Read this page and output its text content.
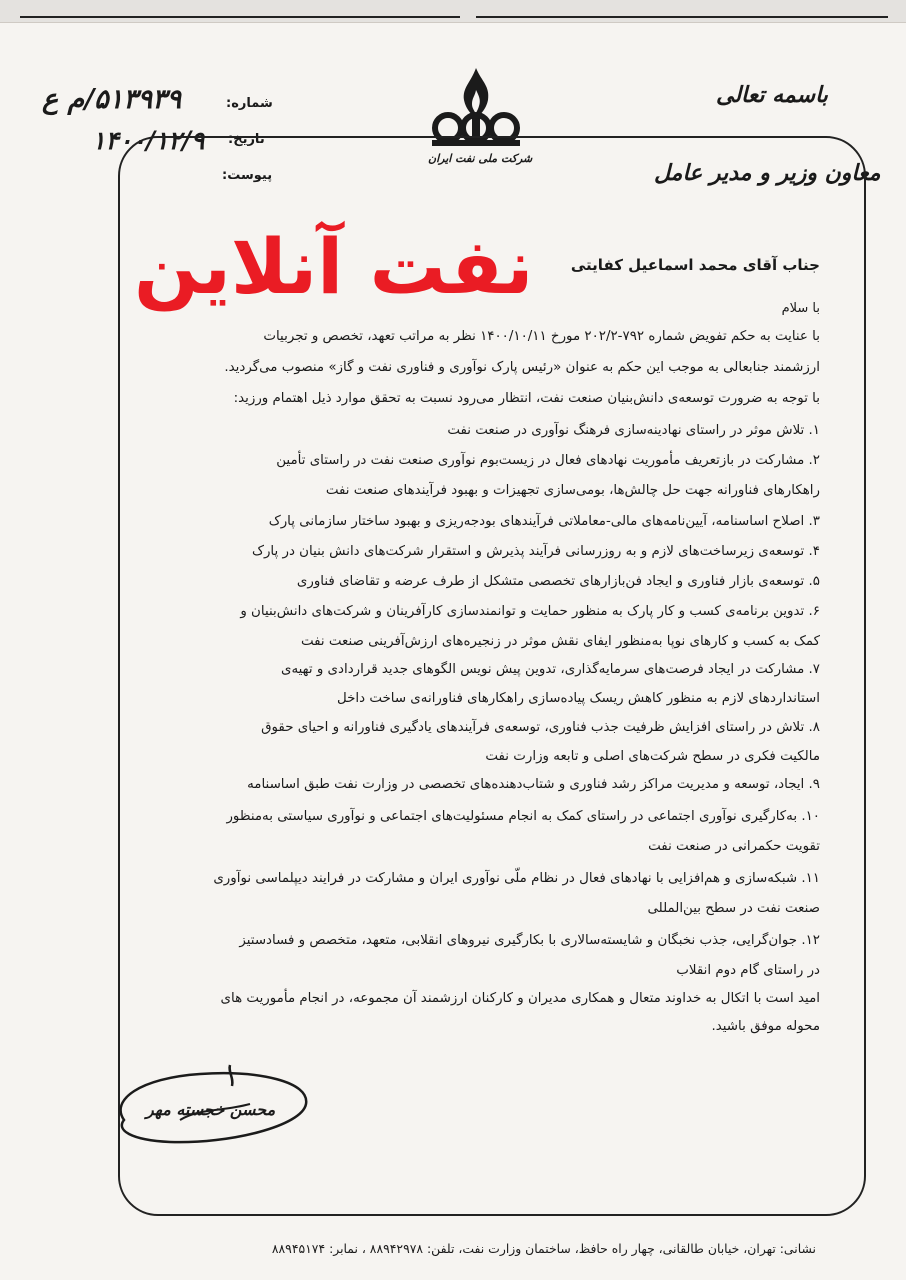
۵۱۳۹۳۹/م ع	شماره:
۱۴۰۰/۱۲/۹ تاریخ:
پیوست:
شرکت ملی نفت ایران
باسمه تعالی
معاون وزیر و مدیر عامل
نفت آنلاین	جناب آقای محمد اسماعیل کفایتی
با سلام
با عنایت به حکم تفویض شماره ۷۹۲-۲۰۲/۲ مورخ ۱۴۰۰/۱۰/۱۱ نظر به مراتب تعهد، تخصص و تجربیات
ارزشمند جنابعالی به موجب این حکم به عنوان «رئیس پارک نوآوری و فناوری نفت و گاز» منصوب می‌گردید.
با توجه به ضرورت توسعه‌ی دانش‌بنیان صنعت نفت، انتظار می‌رود نسبت به تحقق موارد ذیل اهتمام ورزید:
۱. تلاش موثر در راستای نهادینه‌سازی فرهنگ نوآوری در صنعت نفت
۲. مشارکت در بازتعریف مأموریت نهادهای فعال در زیست‌بوم نوآوری صنعت نفت در راستای تأمین
راهکارهای فناورانه جهت حل چالش‌ها، بومی‌سازی تجهیزات و بهبود فرآیندهای صنعت نفت
۳. اصلاح اساسنامه، آیین‌نامه‌های مالی-معاملاتی فرآیندهای بودجه‌ریزی و بهبود ساختار سازمانی پارک
۴. توسعه‌ی زیرساخت‌های لازم و به روزرسانی فرآیند پذیرش و استقرار شرکت‌های دانش بنیان در پارک
۵. توسعه‌ی بازار فناوری و ایجاد فن‌بازارهای تخصصی متشکل از طرف عرضه و تقاضای فناوری
۶. تدوین برنامه‌ی کسب و کار پارک به منظور حمایت و توانمندسازی کارآفرینان و شرکت‌های دانش‌بنیان و
کمک به کسب و کارهای نوپا به‌منظور ایفای نقش موثر در زنجیره‌های ارزش‌آفرینی صنعت نفت
۷. مشارکت در ایجاد فرصت‌های سرمایه‌گذاری، تدوین پیش نویس الگوهای جدید قراردادی و تهیه‌ی
استانداردهای لازم به منظور کاهش ریسک پیاده‌سازی راهکارهای فناورانه‌ی ساخت داخل
۸. تلاش در راستای افزایش ظرفیت جذب فناوری، توسعه‌ی فرآیندهای یادگیری فناورانه و احیای حقوق
مالکیت فکری در سطح شرکت‌های اصلی و تابعه وزارت نفت
۹. ایجاد، توسعه و مدیریت مراکز رشد فناوری و شتاب‌دهنده‌های تخصصی در وزارت نفت طبق اساسنامه
۱۰. به‌کارگیری نوآوری اجتماعی در راستای کمک به انجام مسئولیت‌های اجتماعی و نوآوری سیاستی به‌منظور
تقویت حکمرانی در صنعت نفت
۱۱. شبکه‌سازی و هم‌افزایی با نهادهای فعال در نظام ملّی نوآوری ایران و مشارکت در فرایند دیپلماسی نوآوری
صنعت نفت در سطح بین‌المللی
۱۲. جوان‌گرایی، جذب نخبگان و شایسته‌سالاری با بکارگیری نیروهای انقلابی، متعهد، متخصص و فسادستیز
در راستای گام دوم انقلاب
امید است با اتکال به خداوند متعال و همکاری مدیران و کارکنان ارزشمند آن مجموعه، در انجام مأموریت های
محوله موفق باشید.
محسن خجسته مهر
نشانی: تهران، خیابان طالقانی، چهار راه حافظ، ساختمان وزارت نفت، تلفن: ۸۸۹۴۲۹۷۸ ، نمابر: ۸۸۹۴۵۱۷۴
